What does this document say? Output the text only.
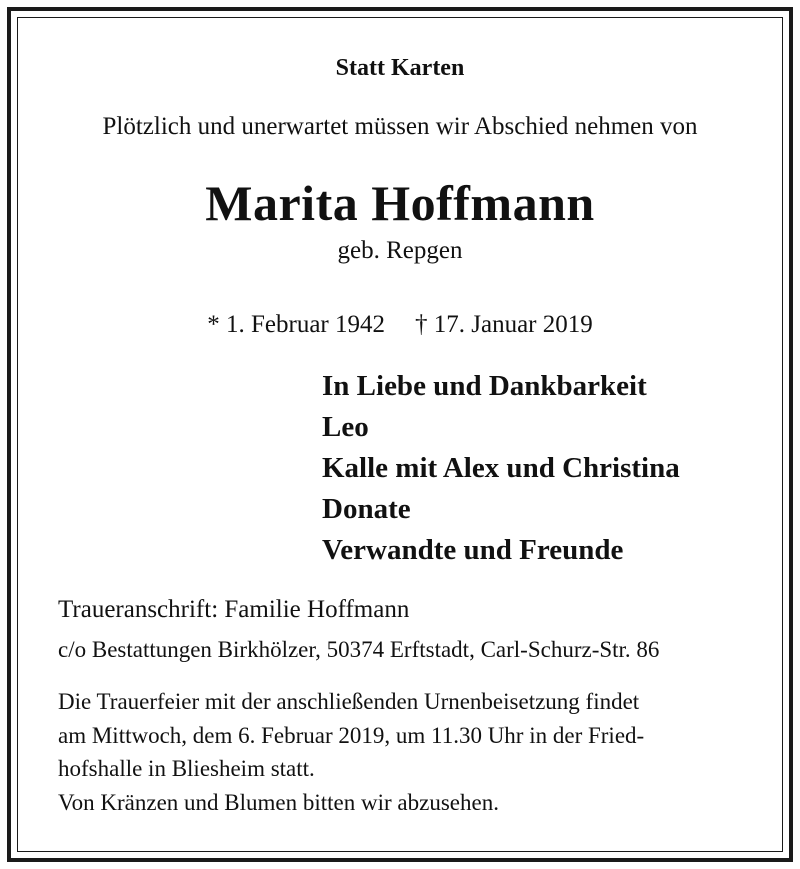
Statt Karten
Plötzlich und unerwartet müssen wir Abschied nehmen von
Marita Hoffmann
geb. Repgen
* 1. Februar 1942 † 17. Januar 2019
In Liebe und Dankbarkeit
Leo
Kalle mit Alex und Christina
Donate
Verwandte und Freunde
Traueranschrift: Familie Hoffmann
c/o Bestattungen Birkhölzer, 50374 Erftstadt, Carl-Schurz-Str. 86
Die Trauerfeier mit der anschließenden Urnenbeisetzung findet
am Mittwoch, dem 6. Februar 2019, um 11.30 Uhr in der Fried-
hofshalle in Bliesheim statt.
Von Kränzen und Blumen bitten wir abzusehen.
